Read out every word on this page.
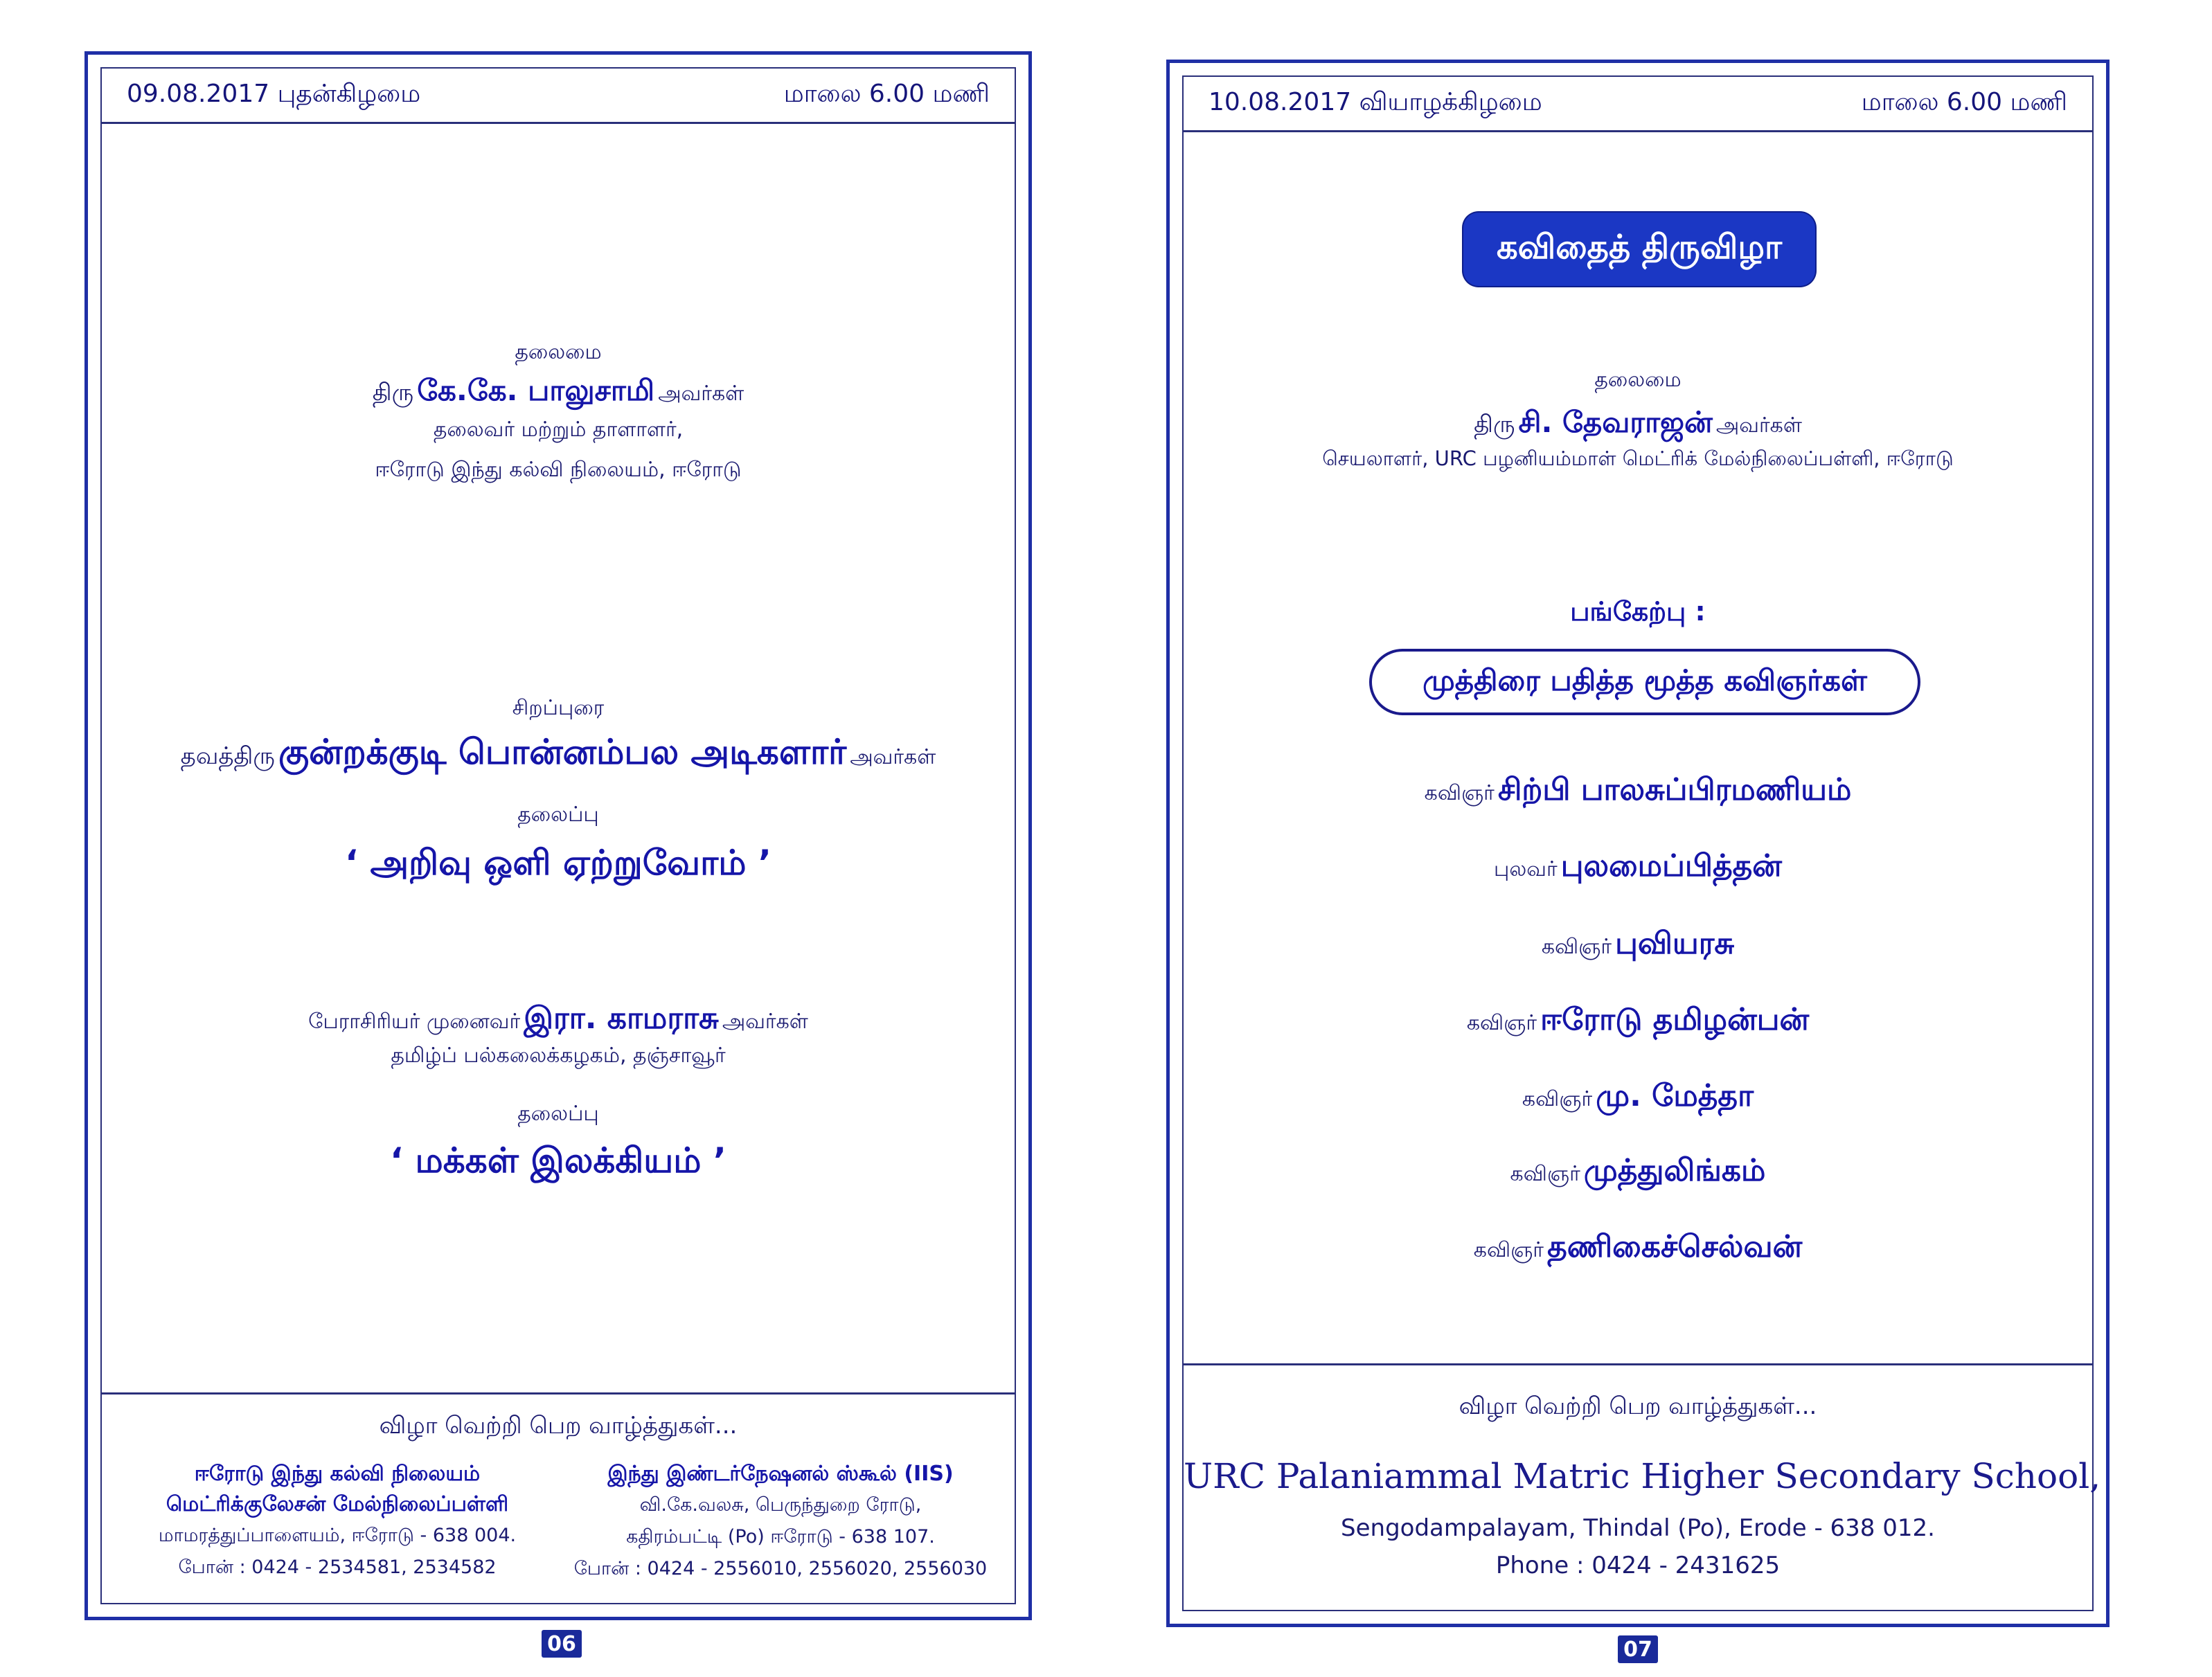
09.08.2017 புதன்கிழமை	மாலை 6.00 மணி
தலைமை
திரு கே.கே. பாலுசாமி அவர்கள்
தலைவர் மற்றும் தாளாளர்,
ஈரோடு இந்து கல்வி நிலையம், ஈரோடு
சிறப்புரை
தவத்திரு குன்றக்குடி பொன்னம்பல அடிகளார் அவர்கள்
தலைப்பு
‘ அறிவு ஒளி ஏற்றுவோம் ’
பேராசிரியர் முனைவர் இரா. காமராசு அவர்கள்
தமிழ்ப் பல்கலைக்கழகம், தஞ்சாவூர்
தலைப்பு
‘ மக்கள் இலக்கியம் ’
விழா வெற்றி பெற வாழ்த்துகள்...
ஈரோடு இந்து கல்வி நிலையம்
மெட்ரிக்குலேசன் மேல்நிலைப்பள்ளி
மாமரத்துப்பாளையம், ஈரோடு - 638 004.
போன் : 0424 - 2534581, 2534582
இந்து இண்டர்நேஷனல் ஸ்கூல் (IIS)
வி.கே.வலசு, பெருந்துறை ரோடு,
கதிரம்பட்டி (Po) ஈரோடு - 638 107.
போன் : 0424 - 2556010, 2556020, 2556030
06
10.08.2017 வியாழக்கிழமை	மாலை 6.00 மணி
கவிதைத் திருவிழா
தலைமை
திரு சி. தேவராஜன் அவர்கள்
செயலாளர், URC பழனியம்மாள் மெட்ரிக் மேல்நிலைப்பள்ளி, ஈரோடு
பங்கேற்பு :
முத்திரை பதித்த மூத்த கவிஞர்கள்
கவிஞர் சிற்பி பாலசுப்பிரமணியம்
புலவர் புலமைப்பித்தன்
கவிஞர் புவியரசு
கவிஞர் ஈரோடு தமிழன்பன்
கவிஞர் மு. மேத்தா
கவிஞர் முத்துலிங்கம்
கவிஞர் தணிகைச்செல்வன்
விழா வெற்றி பெற வாழ்த்துகள்...
URC Palaniammal Matric Higher Secondary School,
Sengodampalayam, Thindal (Po), Erode - 638 012.
Phone : 0424 - 2431625
07
